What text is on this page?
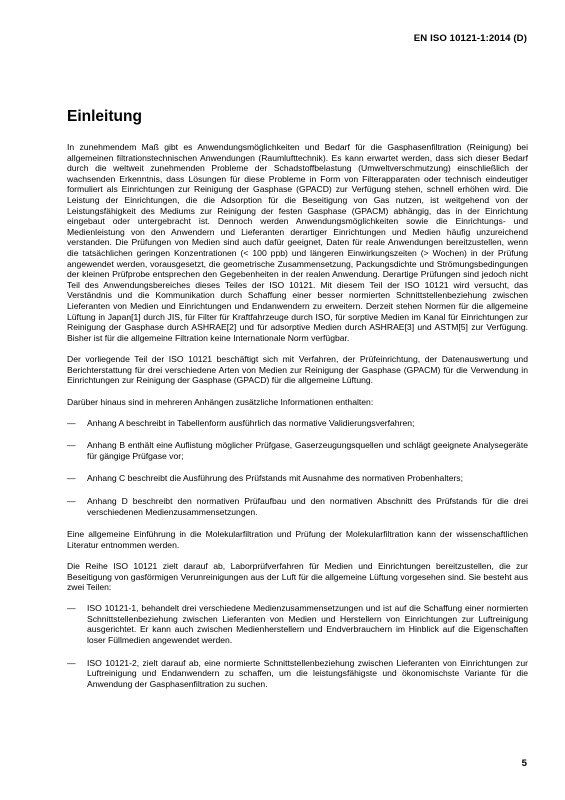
EN ISO 10121-1:2014 (D)
Einleitung

In zunehmendem Maß gibt es Anwendungsmöglichkeiten und Bedarf für die Gasphasenfiltration (Reinigung) bei allgemeinen filtrationstechnischen Anwendungen (Raumlufttechnik). Es kann erwartet werden, dass sich dieser Bedarf durch die weltweit zunehmenden Probleme der Schadstoffbelastung (Umweltverschmutzung) einschließlich der wachsenden Erkenntnis, dass Lösungen für diese Probleme in Form von Filterapparaten oder technisch eindeutiger formuliert als Einrichtungen zur Reinigung der Gasphase (GPACD) zur Verfügung stehen, schnell erhöhen wird. Die Leistung der Einrichtungen, die die Adsorption für die Beseitigung von Gas nutzen, ist weitgehend von der Leistungsfähigkeit des Mediums zur Reinigung der festen Gasphase (GPACM) abhängig, das in der Einrichtung eingebaut oder untergebracht ist. Dennoch werden Anwendungsmöglichkeiten sowie die Einrichtungs- und Medienleistung von den Anwendern und Lieferanten derartiger Einrichtungen und Medien häufig unzureichend verstanden. Die Prüfungen von Medien sind auch dafür geeignet, Daten für reale Anwendungen bereitzustellen, wenn die tatsächlichen geringen Konzentrationen (< 100 ppb) und längeren Einwirkungszeiten (> Wochen) in der Prüfung angewendet werden, vorausgesetzt, die geometrische Zusammensetzung, Packungsdichte und Strömungsbedingungen der kleinen Prüfprobe entsprechen den Gegebenheiten in der realen Anwendung. Derartige Prüfungen sind jedoch nicht Teil des Anwendungsbereiches dieses Teiles der ISO 10121. Mit diesem Teil der ISO 10121 wird versucht, das Verständnis und die Kommunikation durch Schaffung einer besser normierten Schnittstellenbeziehung zwischen Lieferanten von Medien und Einrichtungen und Endanwendern zu erweitern. Derzeit stehen Normen für die allgemeine Lüftung in Japan[1] durch JIS, für Filter für Kraftfahrzeuge durch ISO, für sorptive Medien im Kanal für Einrichtungen zur Reinigung der Gasphase durch ASHRAE[2] und für adsorptive Medien durch ASHRAE[3] und ASTM[5] zur Verfügung. Bisher ist für die allgemeine Filtration keine Internationale Norm verfügbar.

Der vorliegende Teil der ISO 10121 beschäftigt sich mit Verfahren, der Prüfeinrichtung, der Datenauswertung und Berichterstattung für drei verschiedene Arten von Medien zur Reinigung der Gasphase (GPACM) für die Verwendung in Einrichtungen zur Reinigung der Gasphase (GPACD) für die allgemeine Lüftung.

Darüber hinaus sind in mehreren Anhängen zusätzliche Informationen enthalten:

— Anhang A beschreibt in Tabellenform ausführlich das normative Validierungsverfahren;
— Anhang B enthält eine Auflistung möglicher Prüfgase, Gaserzeugungsquellen und schlägt geeignete Analysegeräte für gängige Prüfgase vor;
— Anhang C beschreibt die Ausführung des Prüfstands mit Ausnahme des normativen Probenhalters;
— Anhang D beschreibt den normativen Prüfaufbau und den normativen Abschnitt des Prüfstands für die drei verschiedenen Medienzusammensetzungen.

Eine allgemeine Einführung in die Molekularfiltration und Prüfung der Molekularfiltration kann der wissenschaftlichen Literatur entnommen werden.

Die Reihe ISO 10121 zielt darauf ab, Laborprüfverfahren für Medien und Einrichtungen bereitzustellen, die zur Beseitigung von gasförmigen Verunreinigungen aus der Luft für die allgemeine Lüftung vorgesehen sind. Sie besteht aus zwei Teilen:

— ISO 10121-1, behandelt drei verschiedene Medienzusammensetzungen und ist auf die Schaffung einer normierten Schnittstellenbeziehung zwischen Lieferanten von Medien und Herstellern von Einrichtungen zur Luftreinigung ausgerichtet. Er kann auch zwischen Medienherstellern und Endverbrauchern im Hinblick auf die Eigenschaften loser Füllmedien angewendet werden.
— ISO 10121-2, zielt darauf ab, eine normierte Schnittstellenbeziehung zwischen Lieferanten von Einrichtungen zur Luftreinigung und Endanwendern zu schaffen, um die leistungsfähigste und ökonomischste Variante für die Anwendung der Gasphasenfiltration zu suchen.
5
